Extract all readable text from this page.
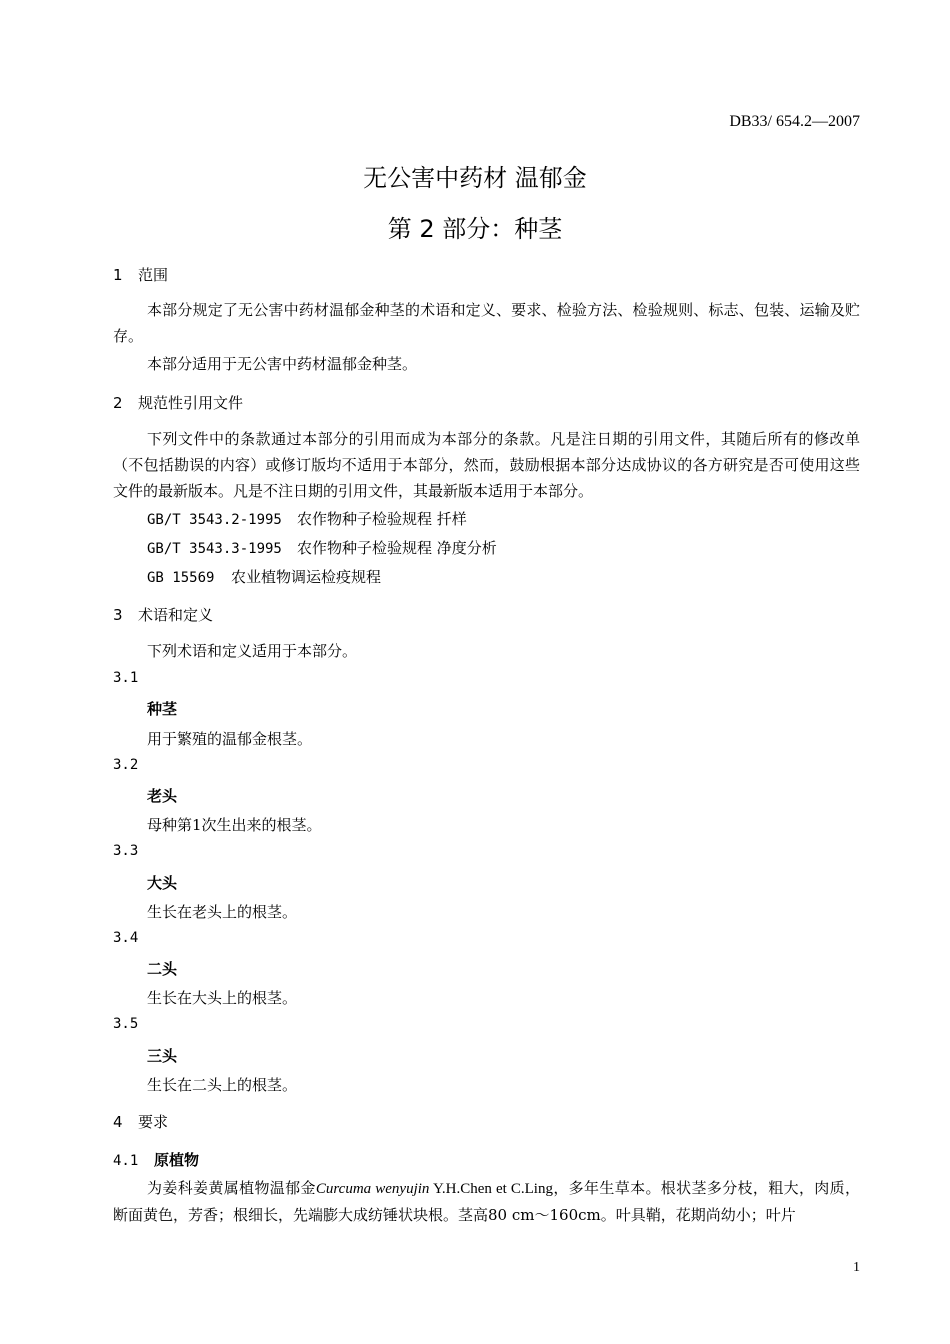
DB33/ 654.2—2007
无公害中药材 温郁金
第 2 部分：种茎
1 范围
本部分规定了无公害中药材温郁金种茎的术语和定义、要求、检验方法、检验规则、标志、包装、运输及贮存。
本部分适用于无公害中药材温郁金种茎。
2 规范性引用文件
下列文件中的条款通过本部分的引用而成为本部分的条款。凡是注日期的引用文件，其随后所有的修改单（不包括勘误的内容）或修订版均不适用于本部分，然而，鼓励根据本部分达成协议的各方研究是否可使用这些文件的最新版本。凡是不注日期的引用文件，其最新版本适用于本部分。
GB/T 3543.2-1995 农作物种子检验规程 扦样
GB/T 3543.3-1995 农作物种子检验规程 净度分析
GB 15569 农业植物调运检疫规程
3 术语和定义
下列术语和定义适用于本部分。
3.1
种茎
用于繁殖的温郁金根茎。
3.2
老头
母种第1次生出来的根茎。
3.3
大头
生长在老头上的根茎。
3.4
二头
生长在大头上的根茎。
3.5
三头
生长在二头上的根茎。
4 要求
4.1 原植物
为姜科姜黄属植物温郁金Curcuma wenyujin Y.H.Chen et C.Ling，多年生草本。根状茎多分枝，粗大，肉质，断面黄色，芳香；根细长，先端膨大成纺锤状块根。茎高80 cm～160cm。叶具鞘，花期尚幼小；叶片
1
